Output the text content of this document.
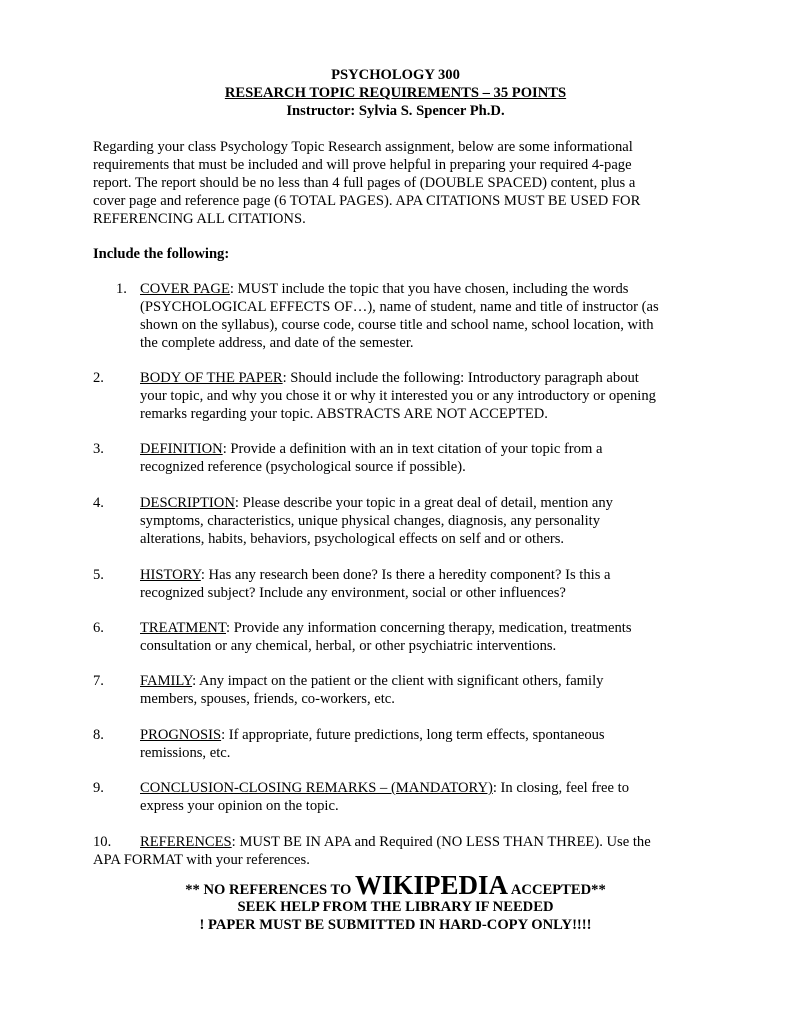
PSYCHOLOGY 300
RESEARCH TOPIC REQUIREMENTS – 35 POINTS
Instructor: Sylvia S. Spencer Ph.D.
Regarding your class Psychology Topic Research assignment, below are some informational
requirements that must be included and will prove helpful in preparing your required 4-page
report. The report should be no less than 4 full pages of (DOUBLE SPACED) content, plus a
cover page and reference page (6 TOTAL PAGES). APA CITATIONS MUST BE USED FOR
REFERENCING ALL CITATIONS.
Include the following:
1. COVER PAGE: MUST include the topic that you have chosen, including the words
(PSYCHOLOGICAL EFFECTS OF…), name of student, name and title of instructor (as
shown on the syllabus), course code, course title and school name, school location, with
the complete address, and date of the semester.
2. BODY OF THE PAPER: Should include the following: Introductory paragraph about
your topic, and why you chose it or why it interested you or any introductory or opening
remarks regarding your topic. ABSTRACTS ARE NOT ACCEPTED.
3. DEFINITION: Provide a definition with an in text citation of your topic from a
recognized reference (psychological source if possible).
4. DESCRIPTION: Please describe your topic in a great deal of detail, mention any
symptoms, characteristics, unique physical changes, diagnosis, any personality
alterations, habits, behaviors, psychological effects on self and or others.
5. HISTORY: Has any research been done? Is there a heredity component? Is this a
recognized subject? Include any environment, social or other influences?
6. TREATMENT: Provide any information concerning therapy, medication, treatments
consultation or any chemical, herbal, or other psychiatric interventions.
7. FAMILY: Any impact on the patient or the client with significant others, family
members, spouses, friends, co-workers, etc.
8. PROGNOSIS: If appropriate, future predictions, long term effects, spontaneous
remissions, etc.
9. CONCLUSION-CLOSING REMARKS – (MANDATORY): In closing, feel free to
express your opinion on the topic.
10. REFERENCES: MUST BE IN APA and Required (NO LESS THAN THREE). Use the
APA FORMAT with your references.
** NO REFERENCES TO WIKIPEDIA ACCEPTED**
SEEK HELP FROM THE LIBRARY IF NEEDED
! PAPER MUST BE SUBMITTED IN HARD-COPY ONLY!!!!
